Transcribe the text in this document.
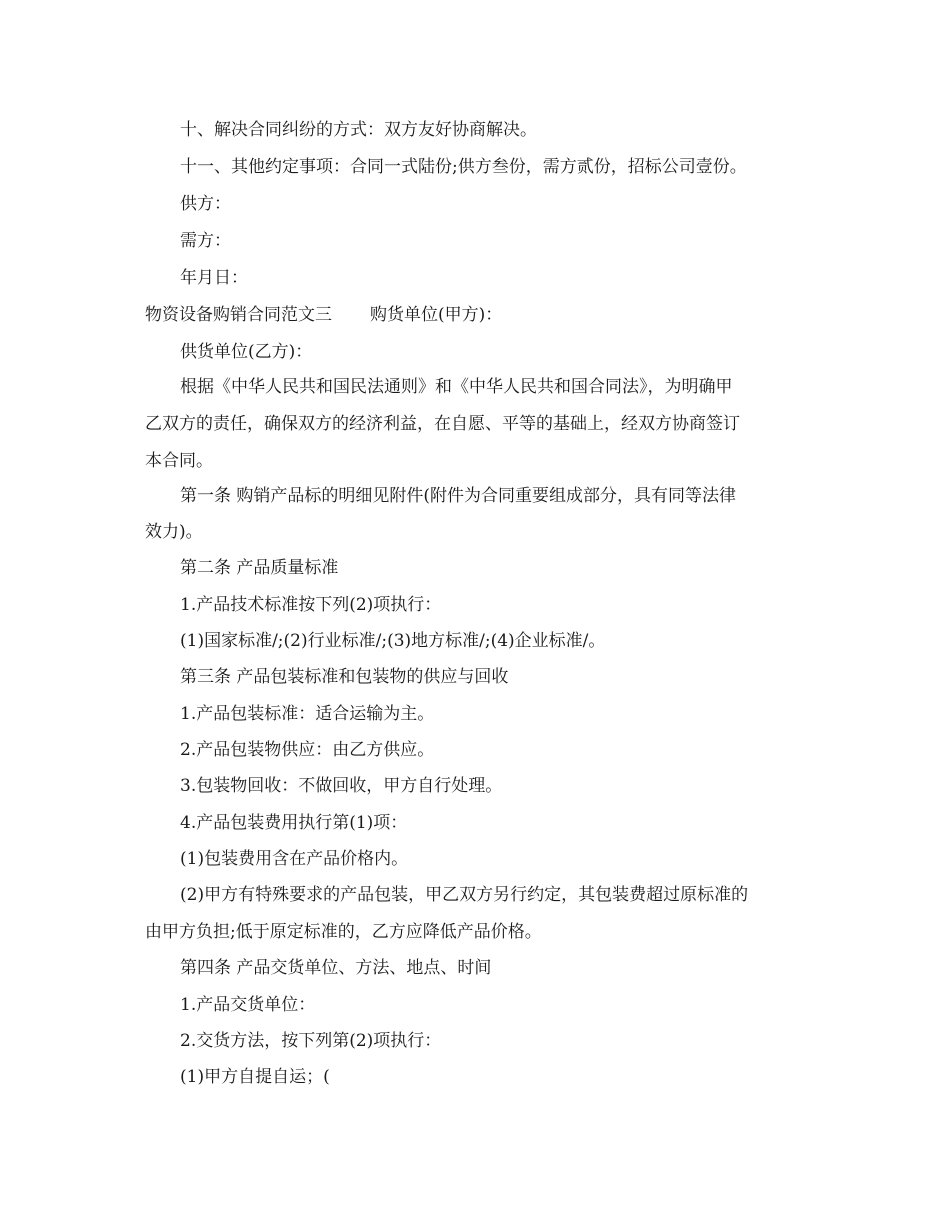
十、解决合同纠纷的方式：双方友好协商解决。
十一、其他约定事项：合同一式陆份;供方叁份，需方贰份，招标公司壹份。
供方：
需方：
年月日：
物资设备购销合同范文三 购货单位(甲方)：
供货单位(乙方)：
根据《中华人民共和国民法通则》和《中华人民共和国合同法》，为明确甲
乙双方的责任，确保双方的经济利益，在自愿、平等的基础上，经双方协商签订
本合同。
第一条 购销产品标的明细见附件(附件为合同重要组成部分，具有同等法律
效力)。
第二条 产品质量标准
1.产品技术标准按下列(2)项执行：
(1)国家标准/;(2)行业标准/;(3)地方标准/;(4)企业标准/。
第三条 产品包装标准和包装物的供应与回收
1.产品包装标准：适合运输为主。
2.产品包装物供应：由乙方供应。
3.包装物回收：不做回收，甲方自行处理。
4.产品包装费用执行第(1)项：
(1)包装费用含在产品价格内。
(2)甲方有特殊要求的产品包装，甲乙双方另行约定，其包装费超过原标准的
由甲方负担;低于原定标准的，乙方应降低产品价格。
第四条 产品交货单位、方法、地点、时间
1.产品交货单位：
2.交货方法，按下列第(2)项执行：
(1)甲方自提自运；(
